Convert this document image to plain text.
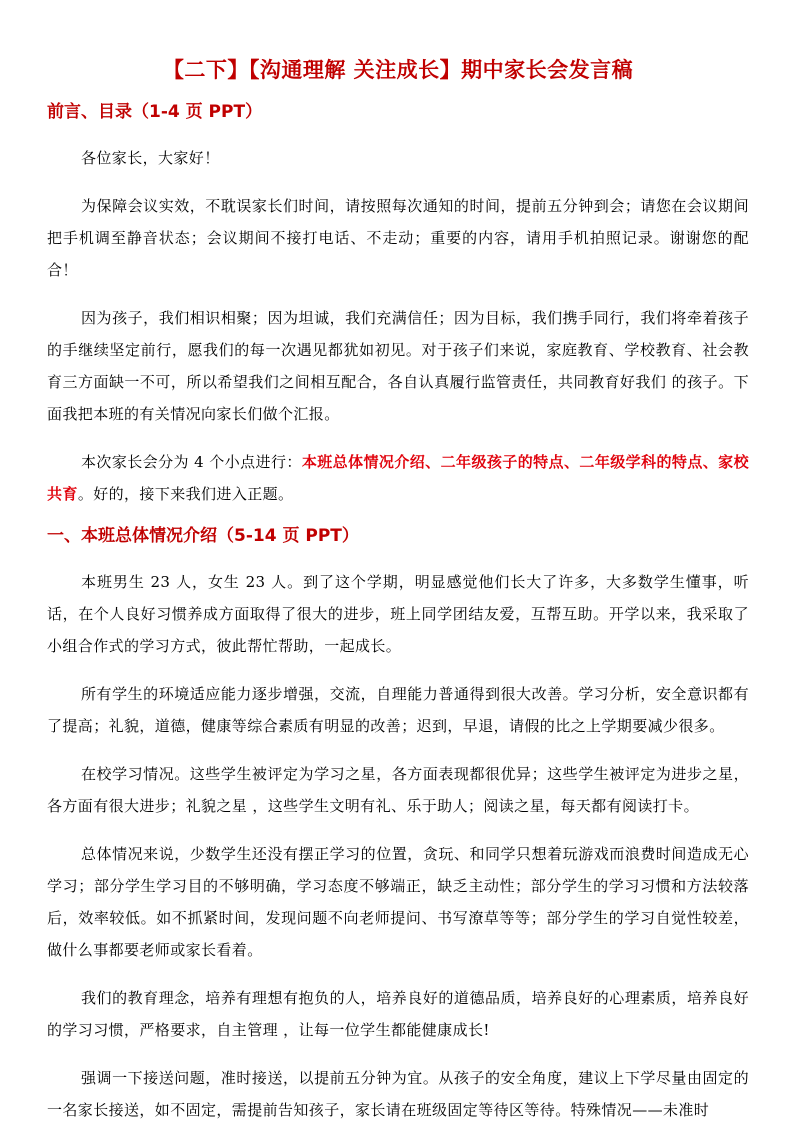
【二下】【沟通理解 关注成长】期中家长会发言稿
前言、目录（1-4 页 PPT）

各位家长，大家好！

为保障会议实效，不耽误家长们时间，请按照每次通知的时间，提前五分钟到会；请您在会议期间把手机调至静音状态；会议期间不接打电话、不走动；重要的内容，请用手机拍照记录。谢谢您的配合！

因为孩子，我们相识相聚；因为坦诚，我们充满信任；因为目标，我们携手同行，我们将牵着孩子的手继续坚定前行，愿我们的每一次遇见都犹如初见。对于孩子们来说，家庭教育、学校教育、社会教育三方面缺一不可，所以希望我们之间相互配合，各自认真履行监管责任，共同教育好我们 的孩子。下面我把本班的有关情况向家长们做个汇报。

本次家长会分为 4 个小点进行：本班总体情况介绍、二年级孩子的特点、二年级学科的特点、家校共育。好的，接下来我们进入正题。

一、本班总体情况介绍（5-14 页 PPT）

本班男生 23 人，女生 23 人。到了这个学期，明显感觉他们长大了许多，大多数学生懂事，听话，在个人良好习惯养成方面取得了很大的进步，班上同学团结友爱，互帮互助。开学以来，我采取了小组合作式的学习方式，彼此帮忙帮助，一起成长。

所有学生的环境适应能力逐步增强，交流，自理能力普通得到很大改善。学习分析，安全意识都有了提高；礼貌，道德，健康等综合素质有明显的改善；迟到，早退，请假的比之上学期要减少很多。

在校学习情况。这些学生被评定为学习之星，各方面表现都很优异；这些学生被评定为进步之星，各方面有很大进步；礼貌之星 ，这些学生文明有礼、乐于助人；阅读之星，每天都有阅读打卡。

总体情况来说，少数学生还没有摆正学习的位置，贪玩、和同学只想着玩游戏而浪费时间造成无心学习；部分学生学习目的不够明确，学习态度不够端正，缺乏主动性；部分学生的学习习惯和方法较落后，效率较低。如不抓紧时间，发现问题不向老师提问、书写潦草等等；部分学生的学习自觉性较差，做什么事都要老师或家长看着。

我们的教育理念，培养有理想有抱负的人，培养良好的道德品质，培养良好的心理素质，培养良好的学习习惯，严格要求，自主管理 ，让每一位学生都能健康成长!

强调一下接送问题，准时接送，以提前五分钟为宜。从孩子的安全角度，建议上下学尽量由固定的一名家长接送，如不固定，需提前告知孩子，家长请在班级固定等待区等待。特殊情况——未准时
